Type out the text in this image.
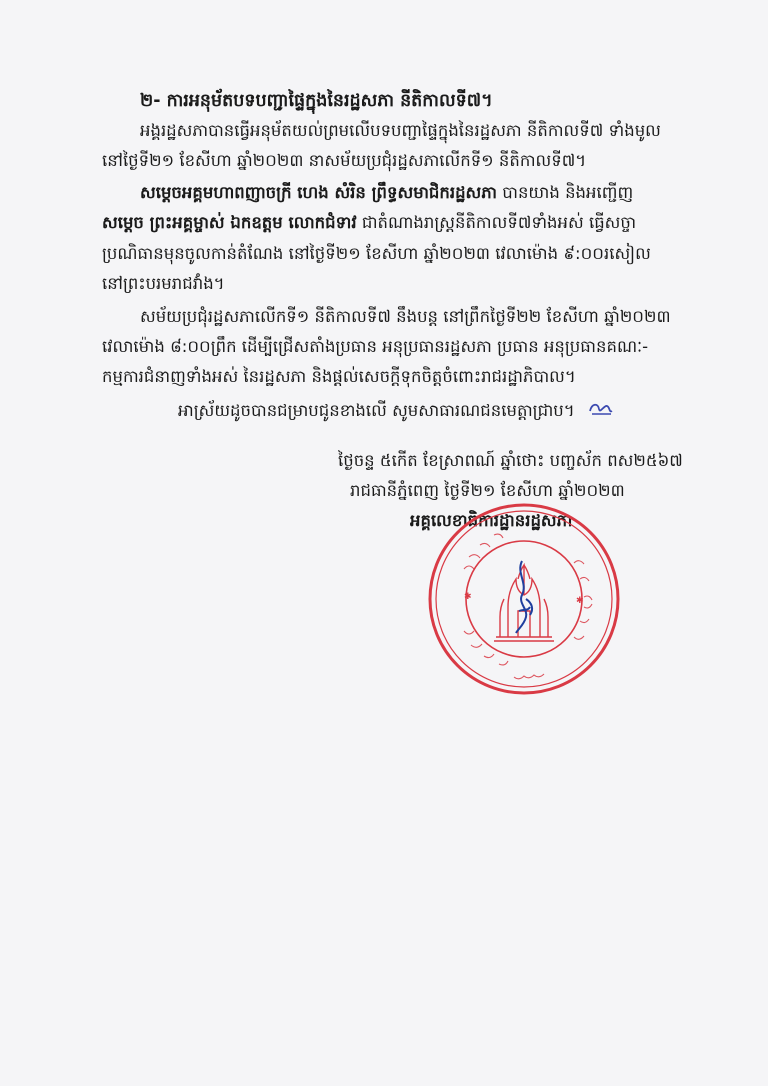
២- ការអនុម័តបទបញ្ជាផ្ទៃក្នុងនៃរដ្ឋសភា នីតិកាលទី៧។
អង្គរដ្ឋសភាបានធ្វើអនុម័តយល់ព្រមលើបទបញ្ជាផ្ទៃក្នុងនៃរដ្ឋសភា នីតិកាលទី៧ ទាំងមូល
នៅថ្ងៃទី២១ ខែសីហា ឆ្នាំ២០២៣ នាសម័យប្រជុំរដ្ឋសភាលើកទី១ នីតិកាលទី៧។
សម្តេចអគ្គមហាពញាចក្រី ហេង សំរិន ព្រឹទ្ធសមាជិករដ្ឋសភា បានយាង និងអញ្ជើញ
សម្តេច ព្រះអគ្គម្ចាស់ ឯកឧត្តម លោកជំទាវ ជាតំណាងរាស្ត្រនីតិកាលទី៧ទាំងអស់ ធ្វើសច្ចា
ប្រណិធានមុនចូលកាន់តំណែង នៅថ្ងៃទី២១ ខែសីហា ឆ្នាំ២០២៣ វេលាម៉ោង ៩:០០រសៀល
នៅព្រះបរមរាជវាំង។
សម័យប្រជុំរដ្ឋសភាលើកទី១ នីតិកាលទី៧ នឹងបន្ត នៅព្រឹកថ្ងៃទី២២ ខែសីហា ឆ្នាំ២០២៣
វេលាម៉ោង ៨:០០ព្រឹក ដើម្បីជ្រើសតាំងប្រធាន អនុប្រធានរដ្ឋសភា ប្រធាន អនុប្រធានគណៈ-
កម្មការជំនាញទាំងអស់ នៃរដ្ឋសភា និងផ្តល់សេចក្តីទុកចិត្តចំពោះរាជរដ្ឋាភិបាល។
អាស្រ័យដូចបានជម្រាបជូនខាងលើ សូមសាធារណជនមេត្តាជ្រាប។
ថ្ងៃចន្ទ ៥កើត ខែស្រាពណ៍ ឆ្នាំថោះ បញ្ចស័ក ពស២៥៦៧
រាជធានីភ្នំពេញ ថ្ងៃទី២១ ខែសីហា ឆ្នាំ២០២៣
អគ្គលេខាធិការដ្ឋានរដ្ឋសភា
✱	✱
